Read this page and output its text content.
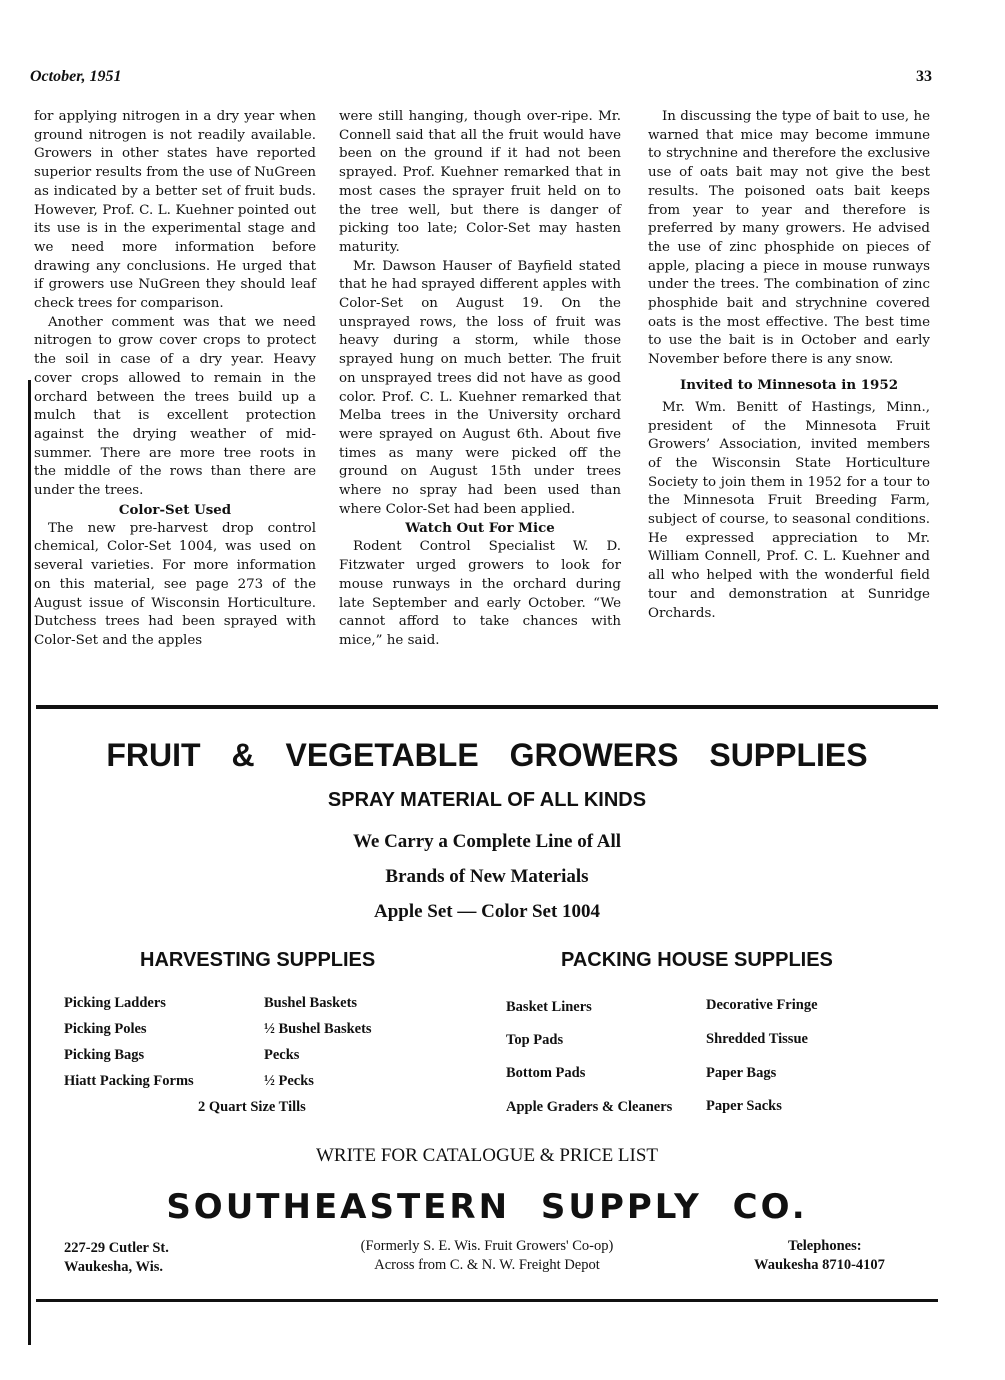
October, 1951	33

for applying nitrogen in a dry year when ground nitrogen is not readily available. Growers in other states have reported superior results from the use of NuGreen as indicated by a better set of fruit buds. However, Prof. C. L. Kuehner pointed out its use is in the experimental stage and we need more information before drawing any conclusions. He urged that if growers use NuGreen they should leaf check trees for comparison.

Another comment was that we need nitrogen to grow cover crops to protect the soil in case of a dry year. Heavy cover crops allowed to remain in the orchard between the trees build up a mulch that is excellent protection against the drying weather of mid-summer. There are more tree roots in the middle of the rows than there are under the trees.

Color-Set Used

The new pre-harvest drop control chemical, Color-Set 1004, was used on several varieties. For more information on this material, see page 273 of the August issue of Wisconsin Horticulture. Dutchess trees had been sprayed with Color-Set and the apples

were still hanging, though over-ripe. Mr. Connell said that all the fruit would have been on the ground if it had not been sprayed. Prof. Kuehner remarked that in most cases the sprayer fruit held on to the tree well, but there is danger of picking too late; Color-Set may hasten maturity.

Mr. Dawson Hauser of Bayfield stated that he had sprayed different apples with Color-Set on August 19. On the unsprayed rows, the loss of fruit was heavy during a storm, while those sprayed hung on much better. The fruit on unsprayed trees did not have as good color. Prof. C. L. Kuehner remarked that Melba trees in the University orchard were sprayed on August 6th. About five times as many were picked off the ground on August 15th under trees where no spray had been used than where Color-Set had been applied.

Watch Out For Mice

Rodent Control Specialist W. D. Fitzwater urged growers to look for mouse runways in the orchard during late September and early October. “We cannot afford to take chances with mice,” he said.

In discussing the type of bait to use, he warned that mice may become immune to strychnine and therefore the exclusive use of oats bait may not give the best results. The poisoned oats bait keeps from year to year and therefore is preferred by many growers. He advised the use of zinc phosphide on pieces of apple, placing a piece in mouse runways under the trees. The combination of zinc phosphide bait and strychnine covered oats is the most effective. The best time to use the bait is in October and early November before there is any snow.

Invited to Minnesota in 1952

Mr. Wm. Benitt of Hastings, Minn., president of the Minnesota Fruit Growers’ Association, invited members of the Wisconsin State Horticulture Society to join them in 1952 for a tour to the Minnesota Fruit Breeding Farm, subject of course, to seasonal conditions. He expressed appreciation to Mr. William Connell, Prof. C. L. Kuehner and all who helped with the wonderful field tour and demonstration at Sunridge Orchards.

FRUIT & VEGETABLE GROWERS SUPPLIES
SPRAY MATERIAL OF ALL KINDS
We Carry a Complete Line of All
Brands of New Materials
Apple Set — Color Set 1004
HARVESTING SUPPLIES	PACKING HOUSE SUPPLIES
Picking Ladders
Picking Poles
Picking Bags
Hiatt Packing Forms
Bushel Baskets
½ Bushel Baskets
Pecks
½ Pecks
2 Quart Size Tills
Basket Liners
Top Pads
Bottom Pads
Apple Graders & Cleaners
Decorative Fringe
Shredded Tissue
Paper Bags
Paper Sacks
WRITE FOR CATALOGUE & PRICE LIST
SOUTHEASTERN SUPPLY CO.
227-29 Cutler St.
Waukesha, Wis.
(Formerly S. E. Wis. Fruit Growers' Co-op)
Across from C. & N. W. Freight Depot
Telephones:
Waukesha 8710-4107
